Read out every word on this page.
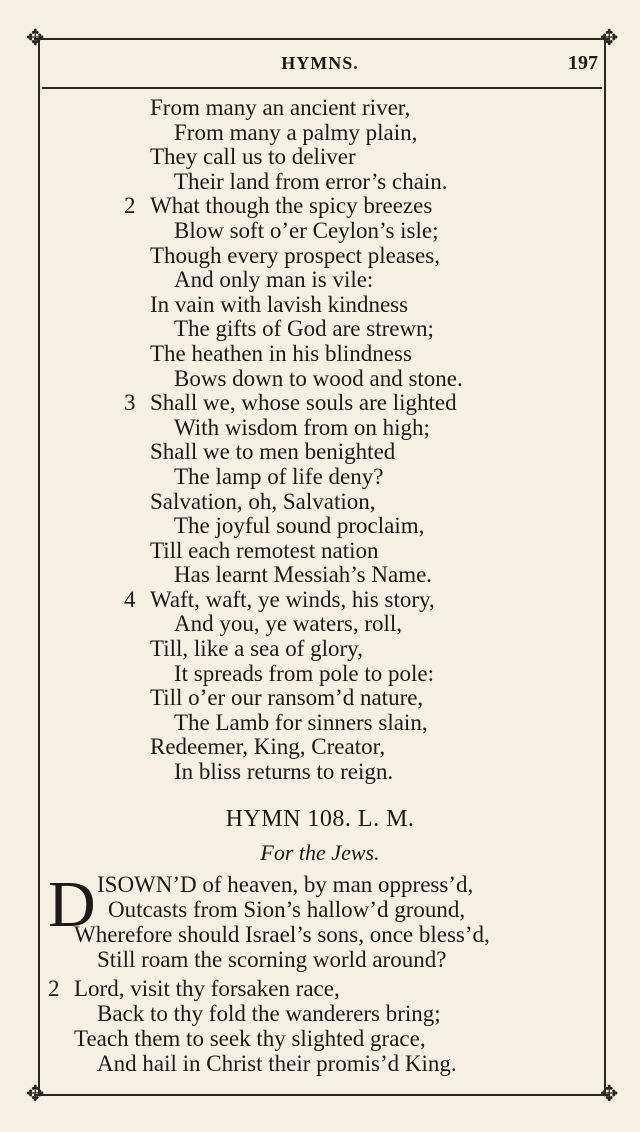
✥	✥
✥	✥
HYMNS.	197
From many an ancient river,
From many a palmy plain,
They call us to deliver
Their land from error’s chain.
2 What though the spicy breezes
Blow soft o’er Ceylon’s isle;
Though every prospect pleases,
And only man is vile:
In vain with lavish kindness
The gifts of God are strewn;
The heathen in his blindness
Bows down to wood and stone.
3 Shall we, whose souls are lighted
With wisdom from on high;
Shall we to men benighted
The lamp of life deny?
Salvation, oh, Salvation,
The joyful sound proclaim,
Till each remotest nation
Has learnt Messiah’s Name.
4 Waft, waft, ye winds, his story,
And you, ye waters, roll,
Till, like a sea of glory,
It spreads from pole to pole:
Till o’er our ransom’d nature,
The Lamb for sinners slain,
Redeemer, King, Creator,
In bliss returns to reign.
HYMN 108. L. M.
For the Jews.
D ISOWN’D of heaven, by man oppress’d,
Outcasts from Sion’s hallow’d ground,
Wherefore should Israel’s sons, once bless’d,
Still roam the scorning world around?
2 Lord, visit thy forsaken race,
Back to thy fold the wanderers bring;
Teach them to seek thy slighted grace,
And hail in Christ their promis’d King.
